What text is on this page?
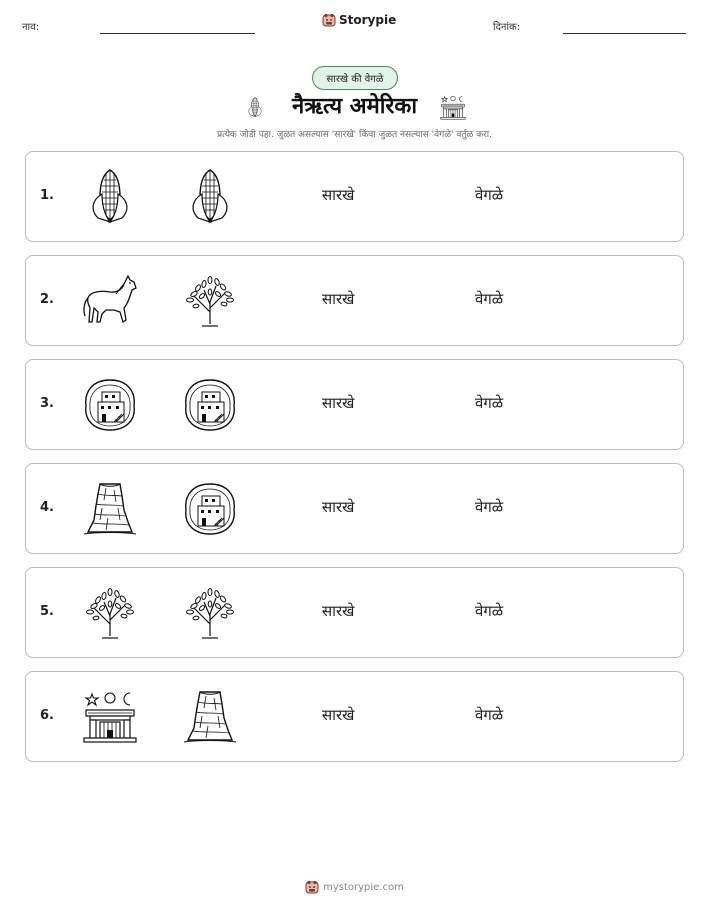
नाव:
Storypie
दिनांक:
सारखे की वेगळे
नैऋत्य अमेरिका
प्रत्येक जोडी पहा. जुळत असल्यास 'सारखे' किंवा जुळत नसल्यास 'वेगळे' वर्तुळ करा.
1.	सारखे	वेगळे
2.	सारखे	वेगळे
3.	सारखे	वेगळे
4.	सारखे	वेगळे
5.	सारखे	वेगळे
6.	सारखे	वेगळे
mystorypie.com
